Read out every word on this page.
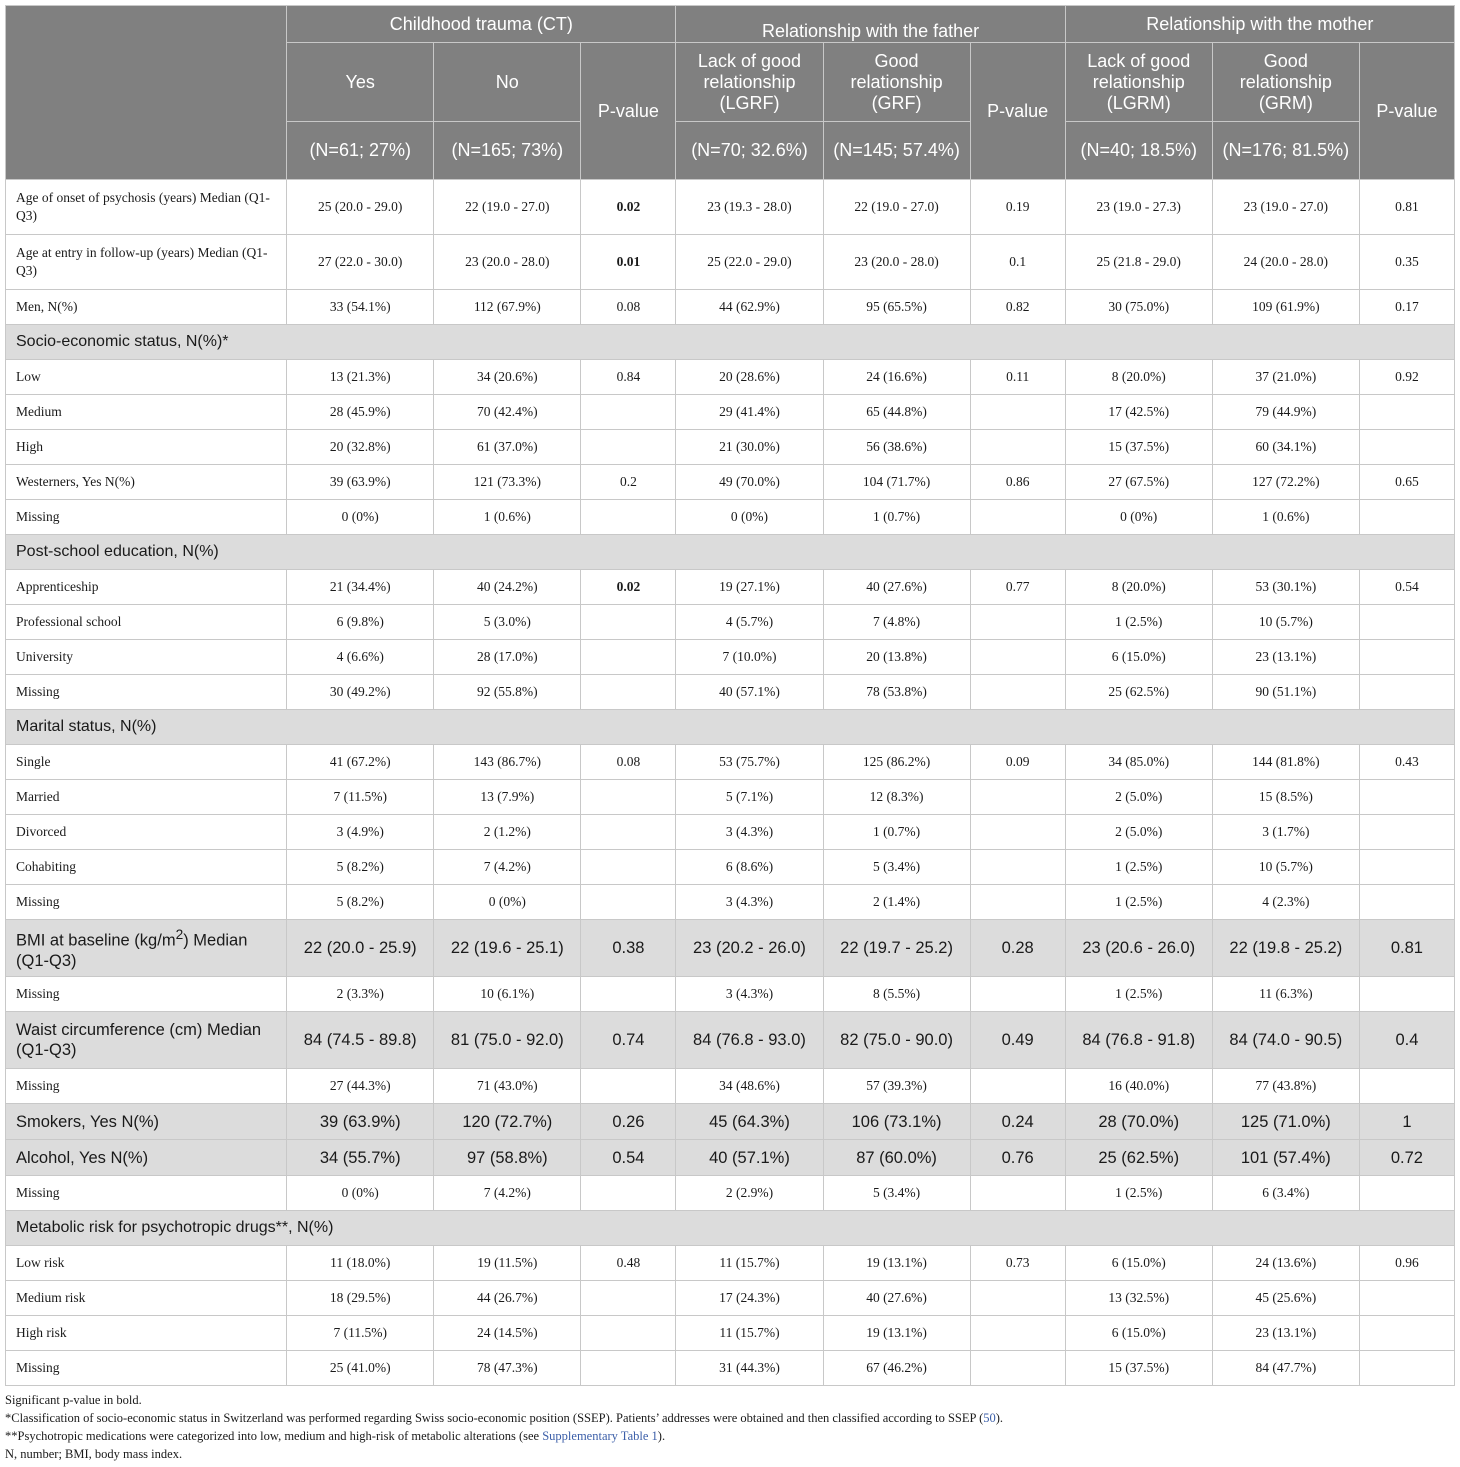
	Childhood trauma (CT)			Relationship with the father			Relationship with the mother		
	Yes	No	P-value	Lack of good relationship (LGRF)	Good relationship (GRF)	P-value	Lack of good relationship (LGRM)	Good relationship (GRM)	P-value
	(N=61; 27%)	(N=165; 73%)		(N=70; 32.6%)	(N=145; 57.4%)		(N=40; 18.5%)	(N=176; 81.5%)	
Age of onset of psychosis (years) Median (Q1-Q3)	25 (20.0 - 29.0)	22 (19.0 - 27.0)	0.02	23 (19.3 - 28.0)	22 (19.0 - 27.0)	0.19	23 (19.0 - 27.3)	23 (19.0 - 27.0)	0.81
Age at entry in follow-up (years) Median (Q1-Q3)	27 (22.0 - 30.0)	23 (20.0 - 28.0)	0.01	25 (22.0 - 29.0)	23 (20.0 - 28.0)	0.1	25 (21.8 - 29.0)	24 (20.0 - 28.0)	0.35
Men, N(%)	33 (54.1%)	112 (67.9%)	0.08	44 (62.9%)	95 (65.5%)	0.82	30 (75.0%)	109 (61.9%)	0.17
Socio-economic status, N(%)*									
Low	13 (21.3%)	34 (20.6%)	0.84	20 (28.6%)	24 (16.6%)	0.11	8 (20.0%)	37 (21.0%)	0.92
Medium	28 (45.9%)	70 (42.4%)		29 (41.4%)	65 (44.8%)		17 (42.5%)	79 (44.9%)	
High	20 (32.8%)	61 (37.0%)		21 (30.0%)	56 (38.6%)		15 (37.5%)	60 (34.1%)	
Westerners, Yes N(%)	39 (63.9%)	121 (73.3%)	0.2	49 (70.0%)	104 (71.7%)	0.86	27 (67.5%)	127 (72.2%)	0.65
Missing	0 (0%)	1 (0.6%)		0 (0%)	1 (0.7%)		0 (0%)	1 (0.6%)	
Post-school education, N(%)									
Apprenticeship	21 (34.4%)	40 (24.2%)	0.02	19 (27.1%)	40 (27.6%)	0.77	8 (20.0%)	53 (30.1%)	0.54
Professional school	6 (9.8%)	5 (3.0%)		4 (5.7%)	7 (4.8%)		1 (2.5%)	10 (5.7%)	
University	4 (6.6%)	28 (17.0%)		7 (10.0%)	20 (13.8%)		6 (15.0%)	23 (13.1%)	
Missing	30 (49.2%)	92 (55.8%)		40 (57.1%)	78 (53.8%)		25 (62.5%)	90 (51.1%)	
Marital status, N(%)									
Single	41 (67.2%)	143 (86.7%)	0.08	53 (75.7%)	125 (86.2%)	0.09	34 (85.0%)	144 (81.8%)	0.43
Married	7 (11.5%)	13 (7.9%)		5 (7.1%)	12 (8.3%)		2 (5.0%)	15 (8.5%)	
Divorced	3 (4.9%)	2 (1.2%)		3 (4.3%)	1 (0.7%)		2 (5.0%)	3 (1.7%)	
Cohabiting	5 (8.2%)	7 (4.2%)		6 (8.6%)	5 (3.4%)		1 (2.5%)	10 (5.7%)	
Missing	5 (8.2%)	0 (0%)		3 (4.3%)	2 (1.4%)		1 (2.5%)	4 (2.3%)	
BMI at baseline $(kg/m^2)$ Median (Q1-Q3)	22 (20.0 - 25.9)	22 (19.6 - 25.1)	0.38	23 (20.2 - 26.0)	22 (19.7 - 25.2)	0.28	23 (20.6 - 26.0)	22 (19.8 - 25.2)	0.81
Missing	2 (3.3%)	10 (6.1%)		3 (4.3%)	8 (5.5%)		1 (2.5%)	11 (6.3%)	
Waist circumference (cm) Median (Q1-Q3)	84 (74.5 - 89.8)	81 (75.0 - 92.0)	0.74	84 (76.8 - 93.0)	82 (75.0 - 90.0)	0.49	84 (76.8 - 91.8)	84 (74.0 - 90.5)	0.4
Missing	27 (44.3%)	71 (43.0%)		34 (48.6%)	57 (39.3%)		16 (40.0%)	77 (43.8%)	
Smokers, Yes N(%)	39 (63.9%)	120 (72.7%)	0.26	45 (64.3%)	106 (73.1%)	0.24	28 (70.0%)	125 (71.0%)	1
Alcohol, Yes N(%)	34 (55.7%)	97 (58.8%)	0.54	40 (57.1%)	87 (60.0%)	0.76	25 (62.5%)	101 (57.4%)	0.72
Missing	0 (0%)	7 (4.2%)		2 (2.9%)	5 (3.4%)		1 (2.5%)	6 (3.4%)	
Metabolic risk for psychotropic drugs**, N(%)									
Low risk	11 (18.0%)	19 (11.5%)	0.48	11 (15.7%)	19 (13.1%)	0.73	6 (15.0%)	24 (13.6%)	0.96
Medium risk	18 (29.5%)	44 (26.7%)		17 (24.3%)	40 (27.6%)		13 (32.5%)	45 (25.6%)	
High risk	7 (11.5%)	24 (14.5%)		11 (15.7%)	19 (13.1%)		6 (15.0%)	23 (13.1%)	
Missing	25 (41.0%)	78 (47.3%)		31 (44.3%)	67 (46.2%)		15 (37.5%)	84 (47.7%)	
Significant p-value in bold.
*Classification of socio-economic status in Switzerland was performed regarding Swiss socio-economic position (SSEP). Patients’ addresses were obtained and then classified according to SSEP (50).
**Psychotropic medications were categorized into low, medium and high-risk of metabolic alterations (see Supplementary Table 1).
N, number; BMI, body mass index.
